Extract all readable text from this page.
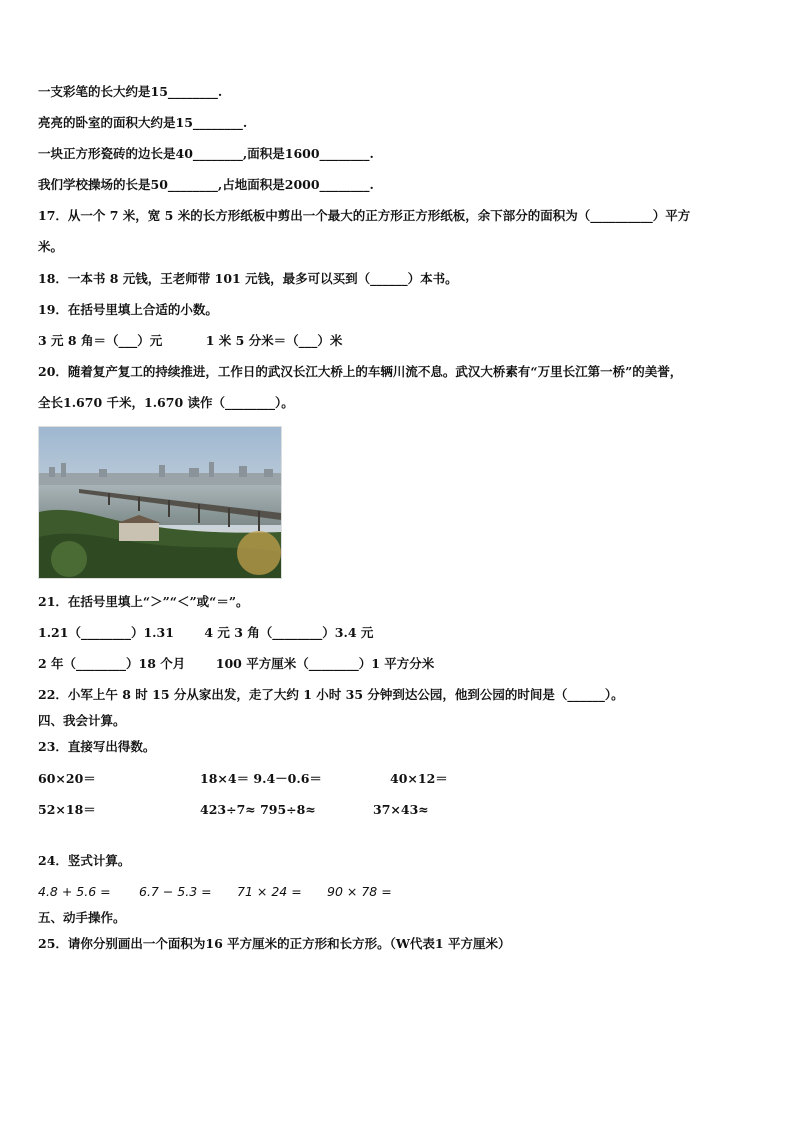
一支彩笔的长大约是15________.
亮亮的卧室的面积大约是15________.
一块正方形瓷砖的边长是40________,面积是1600________.
我们学校操场的长是50________,占地面积是2000________.
17．从一个 7 米，宽 5 米的长方形纸板中剪出一个最大的正方形正方形纸板，余下部分的面积为（__________）平方
米。
18．一本书 8 元钱，王老师带 101 元钱，最多可以买到（______）本书。
19．在括号里填上合适的小数。
3 元 8 角＝（___）元          1 米 5 分米＝（___）米
20．随着复产复工的持续推进，工作日的武汉长江大桥上的车辆川流不息。武汉大桥素有“万里长江第一桥”的美誉，
全长1.670 千米，1.670 读作（________）。
21．在括号里填上“＞”“＜”或“＝”。
1.21（________）1.31       4 元 3 角（________）3.4 元
2 年（________）18 个月       100 平方厘米（________）1 平方分米
22．小军上午 8 时 15 分从家出发，走了大约 1 小时 35 分钟到达公园，他到公园的时间是（______）。
四、我会计算。
23．直接写出得数。
60×20＝	18×4＝ 9.4－0.6＝	40×12＝
52×18＝	423÷7≈ 795÷8≈	37×43≈
24．竖式计算。
4.8 + 5.6 = 6.7 − 5.3 = 71 × 24 = 90 × 78 =
五、动手操作。
25．请你分别画出一个面积为16 平方厘米的正方形和长方形。（W代表1 平方厘米）
